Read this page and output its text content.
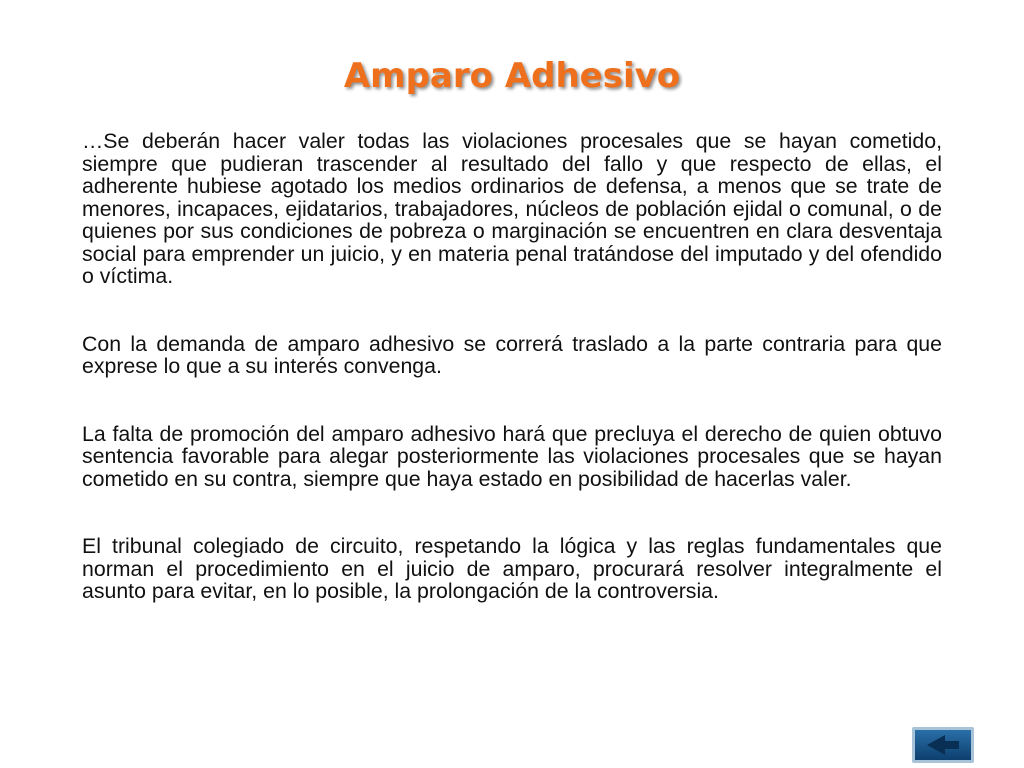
Amparo Adhesivo

…Se deberán hacer valer todas las violaciones procesales que se hayan cometido, siempre que pudieran trascender al resultado del fallo y que respecto de ellas, el adherente hubiese agotado los medios ordinarios de defensa, a menos que se trate de menores, incapaces, ejidatarios, trabajadores, núcleos de población ejidal o comunal, o de quienes por sus condiciones de pobreza o marginación se encuentren en clara desventaja social para emprender un juicio, y en materia penal tratándose del imputado y del ofendido o víctima.

Con la demanda de amparo adhesivo se correrá traslado a la parte contraria para que exprese lo que a su interés convenga.

La falta de promoción del amparo adhesivo hará que precluya el derecho de quien obtuvo sentencia favorable para alegar posteriormente las violaciones procesales que se hayan cometido en su contra, siempre que haya estado en posibilidad de hacerlas valer.

El tribunal colegiado de circuito, respetando la lógica y las reglas fundamentales que norman el procedimiento en el juicio de amparo, procurará resolver integralmente el asunto para evitar, en lo posible, la prolongación de la controversia.
